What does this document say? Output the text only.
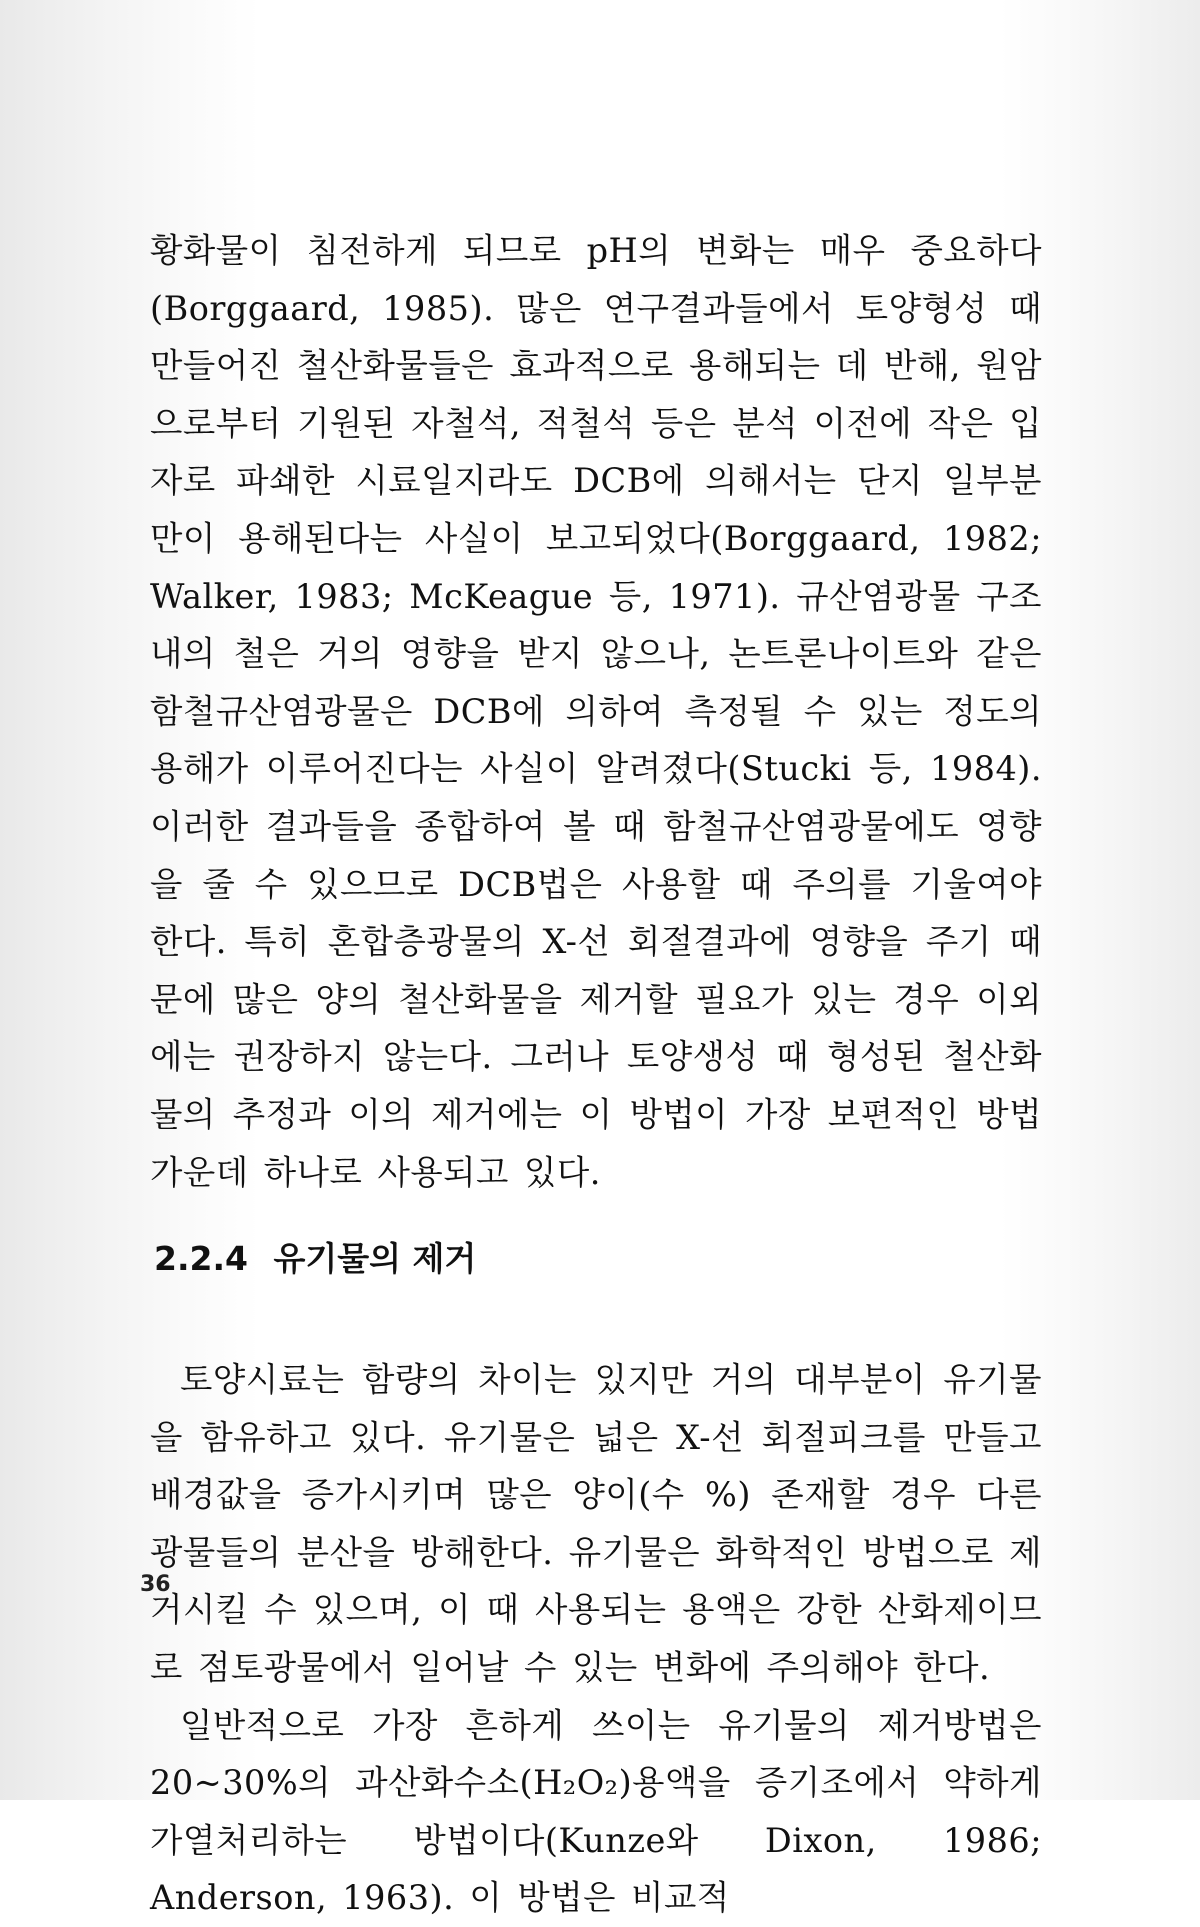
황화물이 침전하게 되므로 pH의 변화는 매우 중요하다(Borggaard, 1985). 많은 연구결과들에서 토양형성 때 만들어진 철산화물들은 효과적으로 용해되는 데 반해, 원암으로부터 기원된 자철석, 적철석 등은 분석 이전에 작은 입자로 파쇄한 시료일지라도 DCB에 의해서는 단지 일부분만이 용해된다는 사실이 보고되었다(Borggaard, 1982; Walker, 1983; McKeague 등, 1971). 규산염광물 구조 내의 철은 거의 영향을 받지 않으나, 논트론나이트와 같은 함철규산염광물은 DCB에 의하여 측정될 수 있는 정도의 용해가 이루어진다는 사실이 알려졌다(Stucki 등, 1984). 이러한 결과들을 종합하여 볼 때 함철규산염광물에도 영향을 줄 수 있으므로 DCB법은 사용할 때 주의를 기울여야 한다. 특히 혼합층광물의 X-선 회절결과에 영향을 주기 때문에 많은 양의 철산화물을 제거할 필요가 있는 경우 이외에는 권장하지 않는다. 그러나 토양생성 때 형성된 철산화물의 추정과 이의 제거에는 이 방법이 가장 보편적인 방법 가운데 하나로 사용되고 있다.

2.2.4 유기물의 제거

토양시료는 함량의 차이는 있지만 거의 대부분이 유기물을 함유하고 있다. 유기물은 넓은 X-선 회절피크를 만들고 배경값을 증가시키며 많은 양이(수 %) 존재할 경우 다른 광물들의 분산을 방해한다. 유기물은 화학적인 방법으로 제거시킬 수 있으며, 이 때 사용되는 용액은 강한 산화제이므로 점토광물에서 일어날 수 있는 변화에 주의해야 한다.

일반적으로 가장 흔하게 쓰이는 유기물의 제거방법은 20∼30%의 과산화수소(H₂O₂)용액을 증기조에서 약하게 가열처리하는 방법이다(Kunze와 Dixon, 1986; Anderson, 1963). 이 방법은 비교적

36
